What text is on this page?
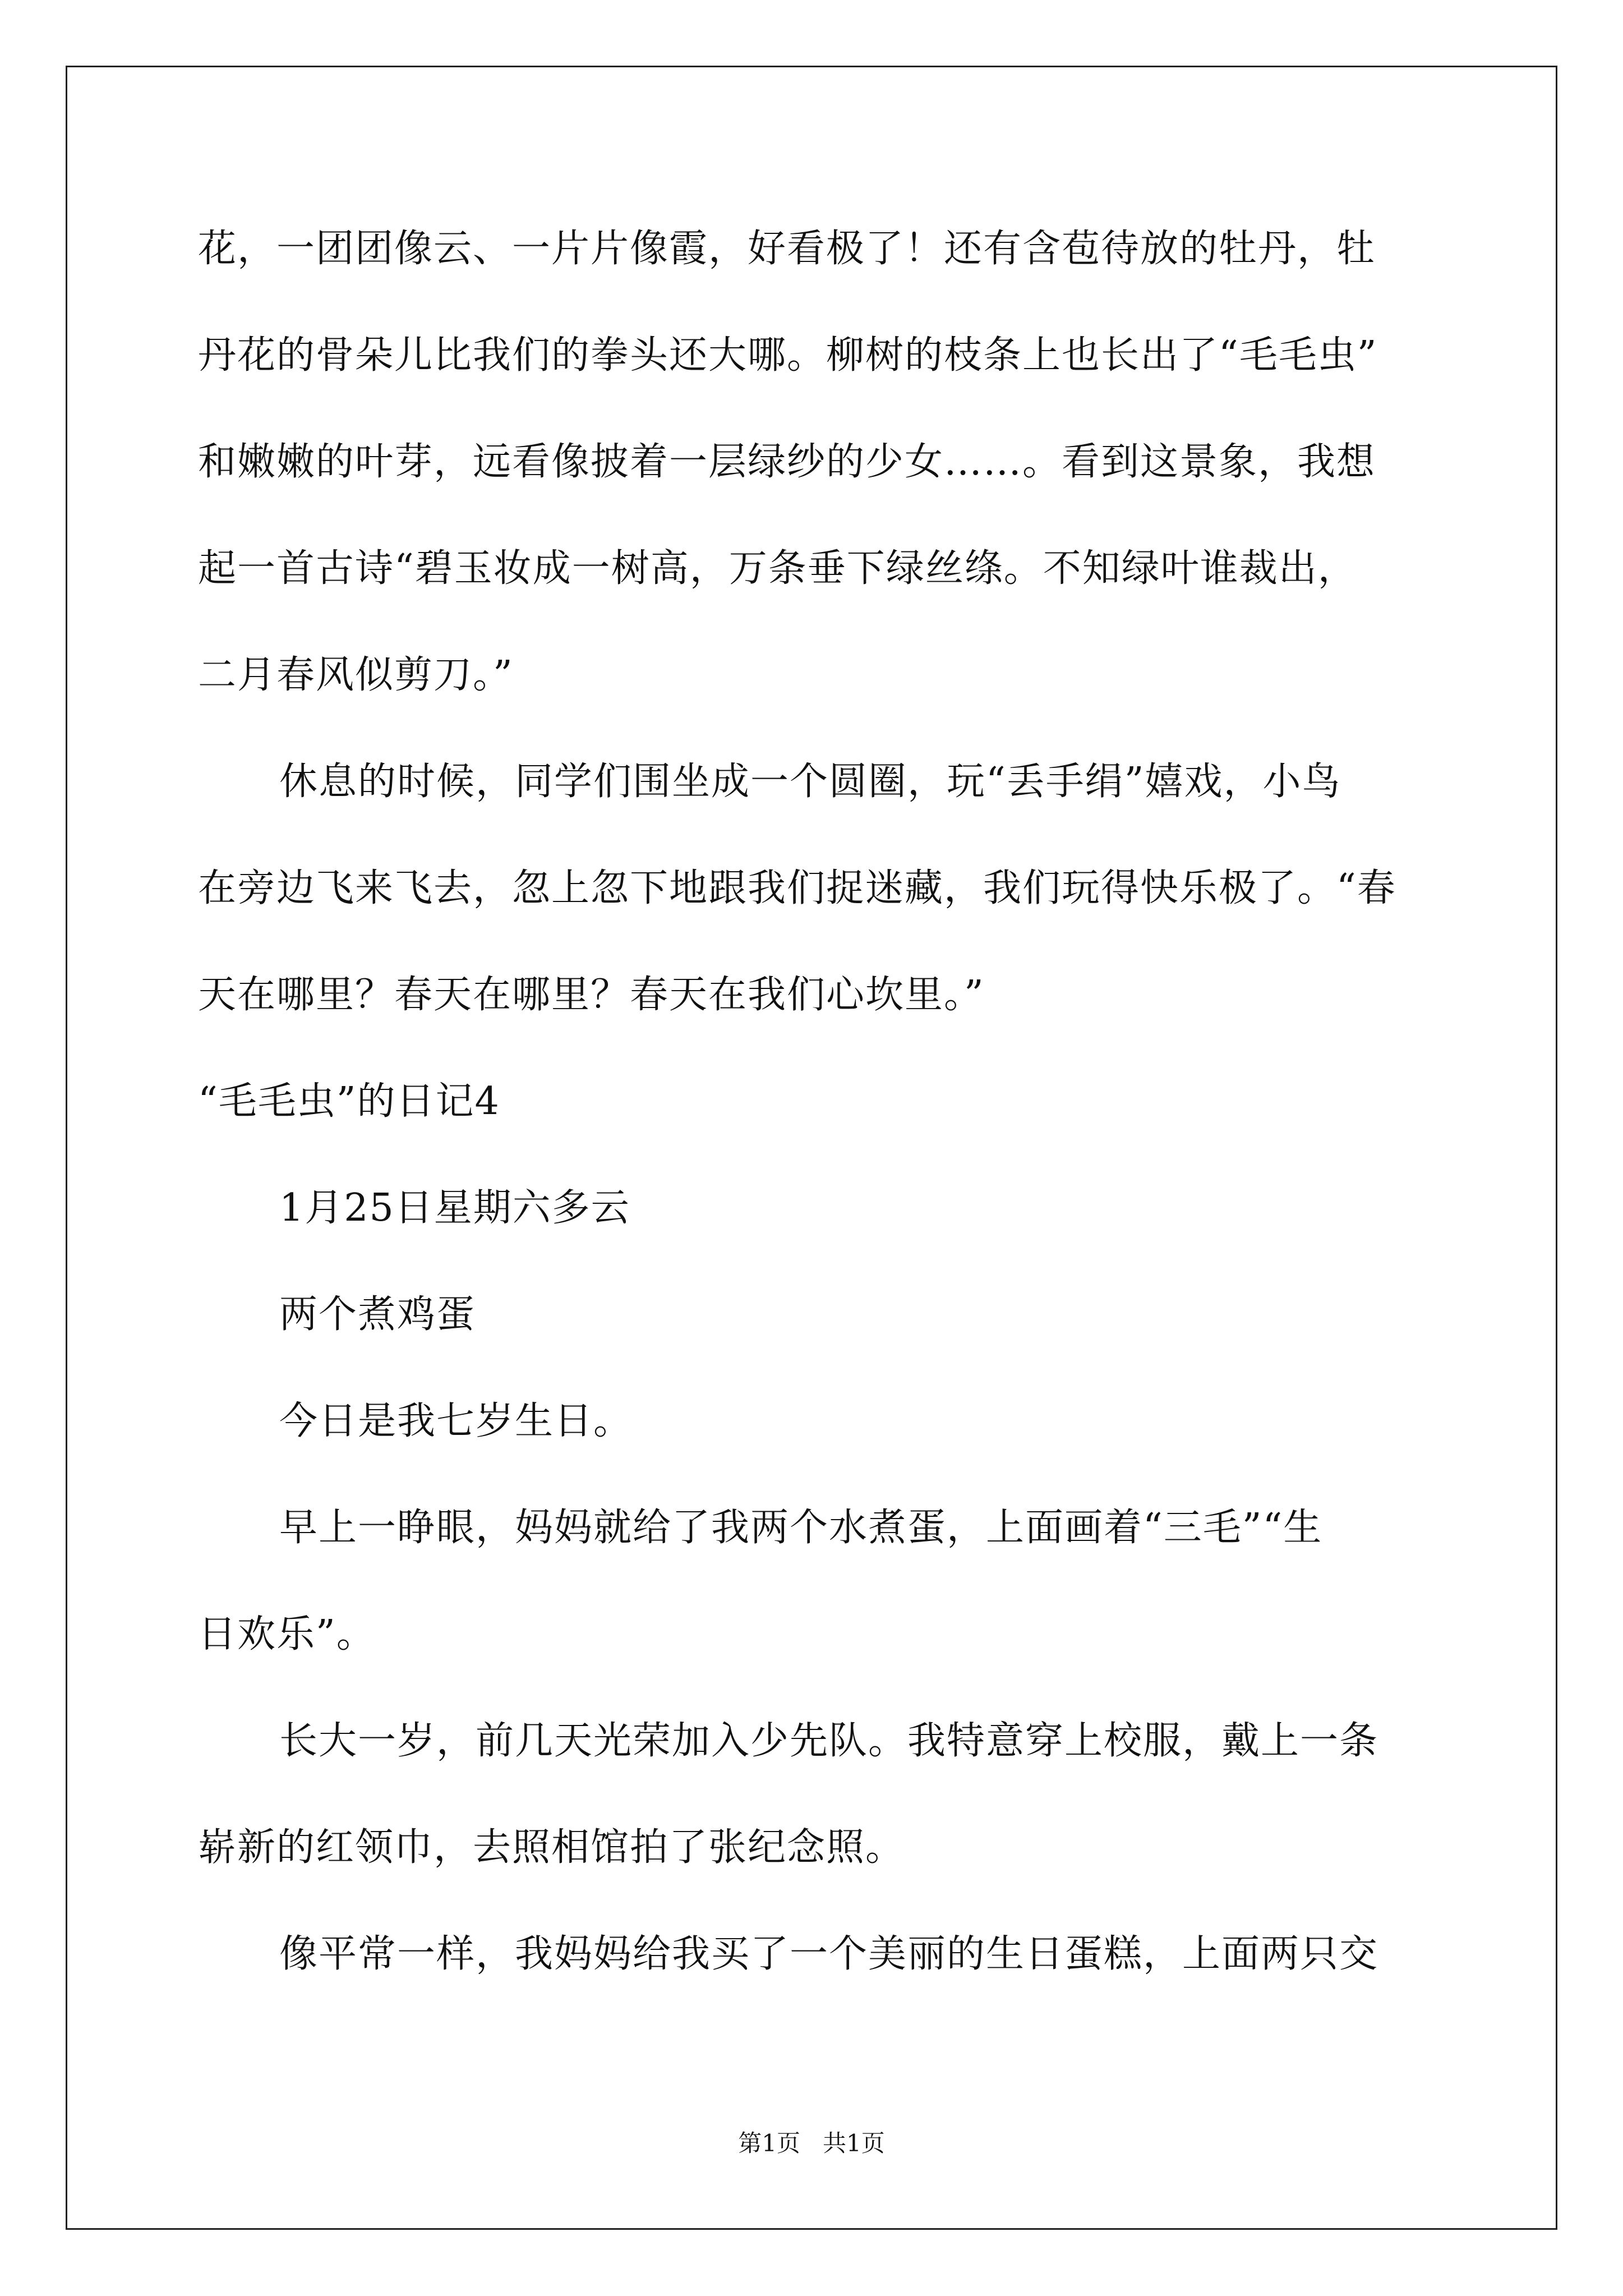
花，一团团像云、一片片像霞，好看极了！还有含苞待放的牡丹，牡
丹花的骨朵儿比我们的拳头还大哪。柳树的枝条上也长出了“毛毛虫”
和嫩嫩的叶芽，远看像披着一层绿纱的少女……。看到这景象，我想
起一首古诗“碧玉妆成一树高，万条垂下绿丝绦。不知绿叶谁裁出，
二月春风似剪刀。”
休息的时候，同学们围坐成一个圆圈，玩“丢手绢”嬉戏，小鸟
在旁边飞来飞去，忽上忽下地跟我们捉迷藏，我们玩得快乐极了。“春
天在哪里？春天在哪里？春天在我们心坎里。”
“毛毛虫”的日记4
1月25日星期六多云
两个煮鸡蛋
今日是我七岁生日。
早上一睁眼，妈妈就给了我两个水煮蛋，上面画着“三毛”“生
日欢乐”。
长大一岁，前几天光荣加入少先队。我特意穿上校服，戴上一条
崭新的红领巾，去照相馆拍了张纪念照。
像平常一样，我妈妈给我买了一个美丽的生日蛋糕，上面两只交
第1页   共1页
